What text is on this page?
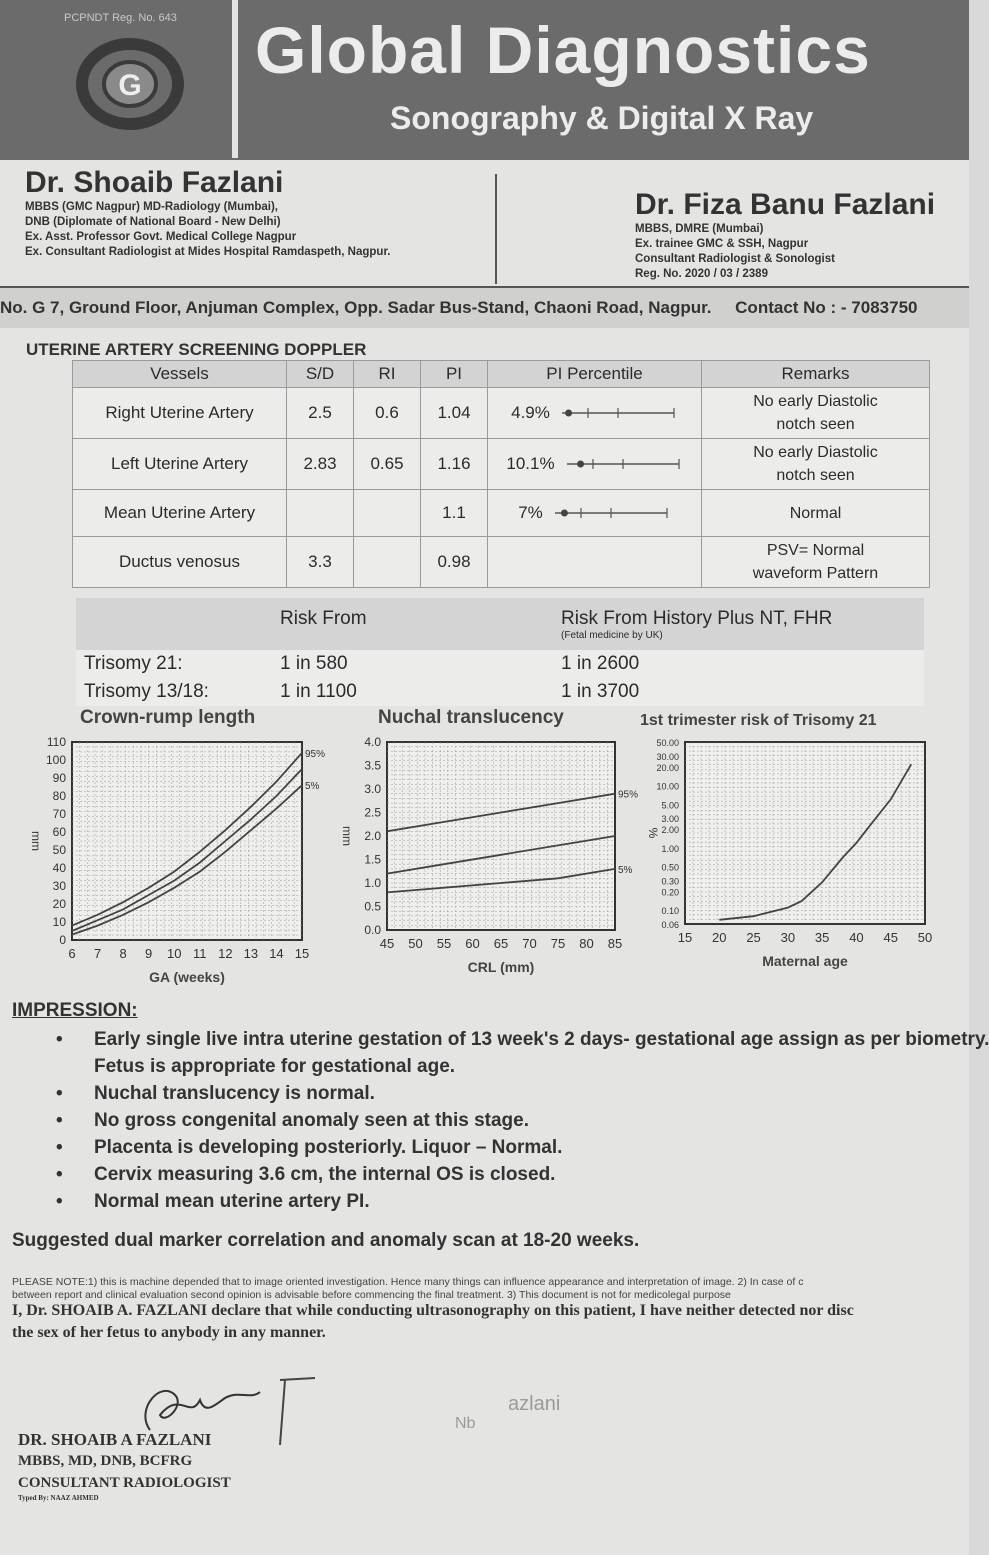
PCPNDT Reg. No. 643
G Global Diagnostics
Sonography & Digital X Ray
Dr. Shoaib Fazlani
MBBS (GMC Nagpur) MD-Radiology (Mumbai),
DNB (Diplomate of National Board - New Delhi)
Ex. Asst. Professor Govt. Medical College Nagpur
Ex. Consultant Radiologist at Mides Hospital Ramdaspeth, Nagpur.
Dr. Fiza Banu Fazlani
MBBS, DMRE (Mumbai)
Ex. trainee GMC & SSH, Nagpur
Consultant Radiologist & Sonologist
Reg. No. 2020 / 03 / 2389
No. G 7, Ground Floor, Anjuman Complex, Opp. Sadar Bus-Stand, Chaoni Road, Nagpur. Contact No : - 7083750
UTERINE ARTERY SCREENING DOPPLER
Vessels	S/D	RI	PI	PI Percentile	Remarks
Right Uterine Artery	2.5	0.6	1.04	4.9%	No early Diastolic
notch seen

Left Uterine Artery	2.83	0.65	1.16	10.1%	No early Diastolic
notch seen

Mean Uterine Artery			1.1	7%	Normal

Ductus venosus	3.3		0.98		PSV= Normal
waveform Pattern
	Risk From	Risk From History Plus NT, FHR
(Fetal medicine by UK)

Trisomy 21:	1 in 580	1 in 2600
Trisomy 13/18:	1 in 1100	1 in 3700
Crown-rump length	Nuchal translucency	1st trimester risk of Trisomy 21
6 7 8 9 10 11 12 13 14 15
0
10
20
30
40
50
60
70
80
90
100
110
95%
5%
GA (weeks)
mm
45 50 55 60 65 70 75 80 85
0.0
0.5
1.0
1.5
2.0
2.5
3.0
3.5
4.0
95%
5%
CRL (mm)
mm
15 20 25 30 35 40 45 50
0.06
0.10
0.20
0.30
0.50
1.00
2.00
3.00
5.00
10.00
20.00
30.00
50.00
Maternal age
%
IMPRESSION:
• Early single live intra uterine gestation of 13 week's 2 days- gestational age assign as per biometry.
Fetus is appropriate for gestational age.
• Nuchal translucency is normal.
• No gross congenital anomaly seen at this stage.
• Placenta is developing posteriorly. Liquor – Normal.
• Cervix measuring 3.6 cm, the internal OS is closed.
• Normal mean uterine artery PI.
Suggested dual marker correlation and anomaly scan at 18-20 weeks.
PLEASE NOTE:1) this is machine depended that to image oriented investigation. Hence many things can influence appearance and interpretation of image. 2) In case of c
between report and clinical evaluation second opinion is advisable before commencing the final treatment. 3) This document is not for medicolegal purpose
I, Dr. SHOAIB A. FAZLANI declare that while conducting ultrasonography on this patient, I have neither detected nor disc
the sex of her fetus to anybody in any manner.
DR. SHOAIB A FAZLANI
MBBS, MD, DNB, BCFRG
CONSULTANT RADIOLOGIST
Typed By: NAAZ AHMED
Nb
azlani
